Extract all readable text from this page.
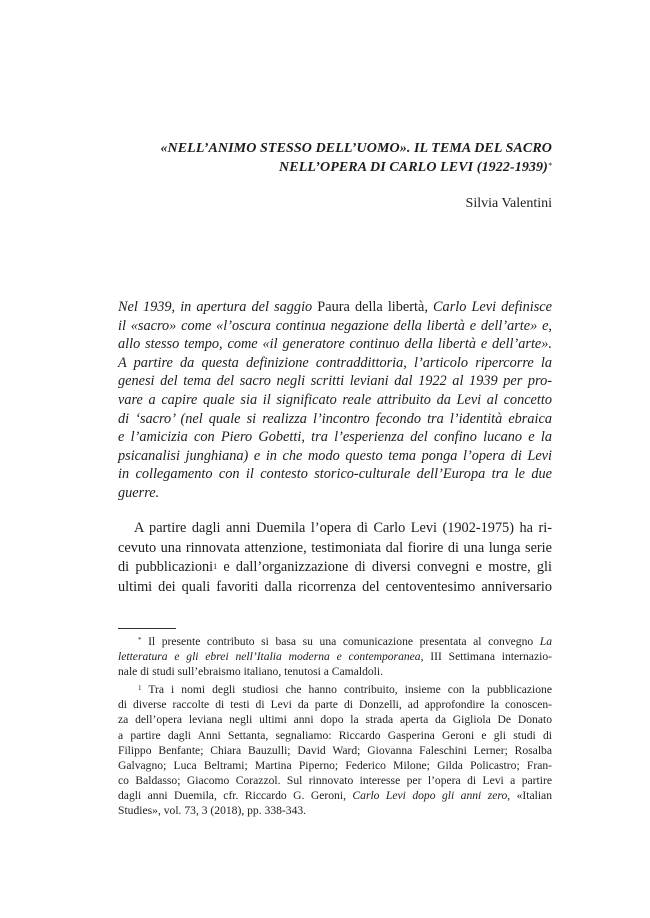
«NELL’ANIMO STESSO DELL’UOMO». IL TEMA DEL SACRO
NELL’OPERA DI CARLO LEVI (1922-1939)*
Silvia Valentini
Nel 1939, in apertura del saggio Paura della libertà, Carlo Levi definisce
il «sacro» come «l’oscura continua negazione della libertà e dell’arte» e,
allo stesso tempo, come «il generatore continuo della libertà e dell’arte».
A partire da questa definizione contraddittoria, l’articolo ripercorre la
genesi del tema del sacro negli scritti leviani dal 1922 al 1939 per pro-
vare a capire quale sia il significato reale attribuito da Levi al concetto
di ‘sacro’ (nel quale si realizza l’incontro fecondo tra l’identità ebraica
e l’amicizia con Piero Gobetti, tra l’esperienza del confino lucano e la
psicanalisi junghiana) e in che modo questo tema ponga l’opera di Levi
in collegamento con il contesto storico-culturale dell’Europa tra le due
guerre.
A partire dagli anni Duemila l’opera di Carlo Levi (1902-1975) ha ri-
cevuto una rinnovata attenzione, testimoniata dal fiorire di una lunga serie
di pubblicazioni$^1$ e dall’organizzazione di diversi convegni e mostre, gli
ultimi dei quali favoriti dalla ricorrenza del centoventesimo anniversario
* Il presente contributo si basa su una comunicazione presentata al convegno La
letteratura e gli ebrei nell’Italia moderna e contemporanea, III Settimana internazio-
nale di studi sull’ebraismo italiano, tenutosi a Camaldoli.
$^1$ Tra i nomi degli studiosi che hanno contribuito, insieme con la pubblicazione
di diverse raccolte di testi di Levi da parte di Donzelli, ad approfondire la conoscen-
za dell’opera leviana negli ultimi anni dopo la strada aperta da Gigliola De Donato
a partire dagli Anni Settanta, segnaliamo: Riccardo Gasperina Geroni e gli studi di
Filippo Benfante; Chiara Bauzulli; David Ward; Giovanna Faleschini Lerner; Rosalba
Galvagno; Luca Beltrami; Martina Piperno; Federico Milone; Gilda Policastro; Fran-
co Baldasso; Giacomo Corazzol. Sul rinnovato interesse per l’opera di Levi a partire
dagli anni Duemila, cfr. Riccardo G. Geroni, Carlo Levi dopo gli anni zero, «Italian
Studies», vol. 73, 3 (2018), pp. 338-343.
